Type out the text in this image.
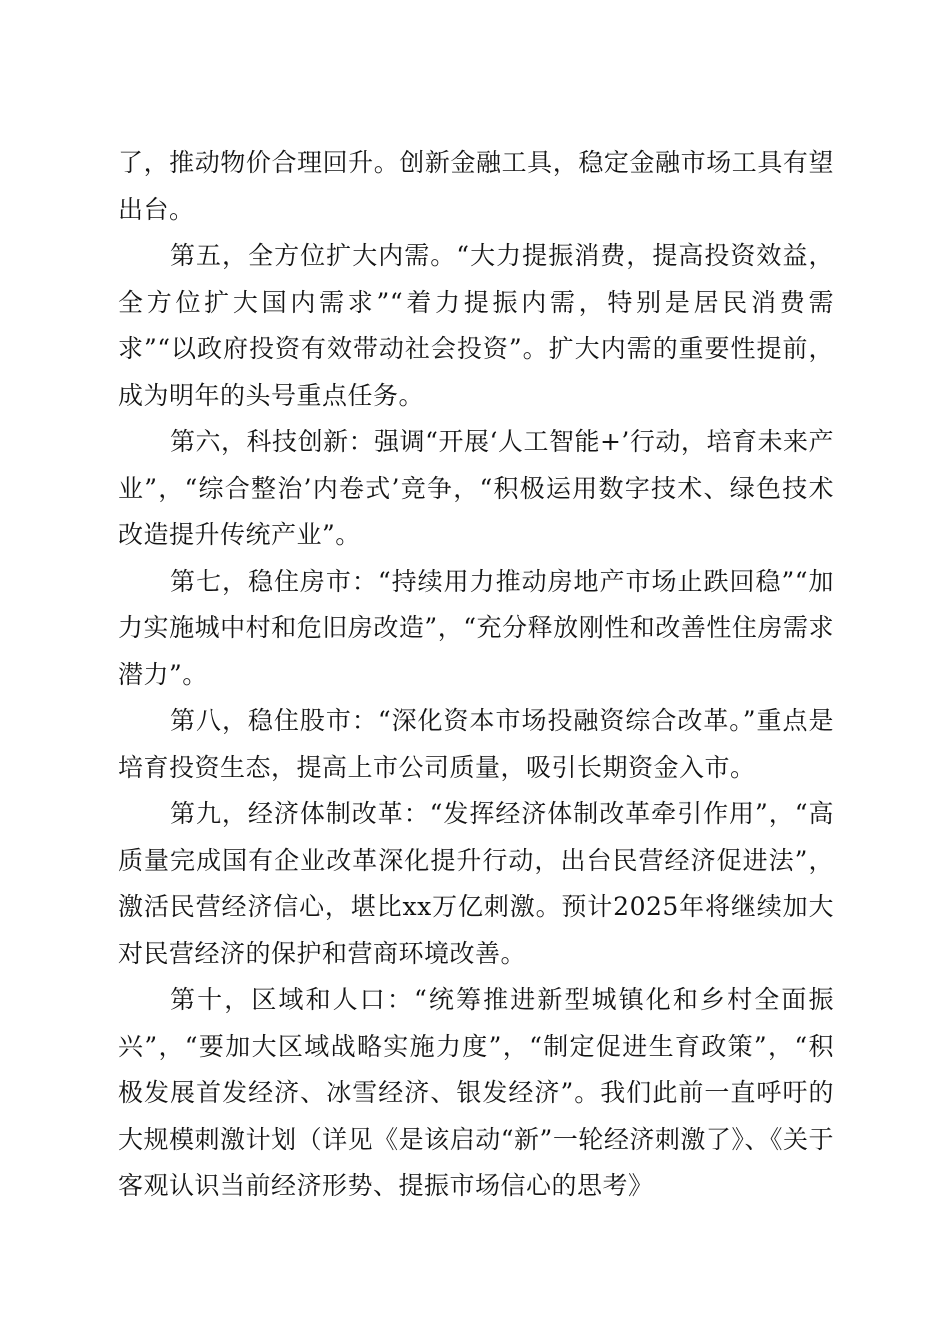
了，推动物价合理回升。创新金融工具，稳定金融市场工具有望出台。

第五，全方位扩大内需。“大力提振消费，提高投资效益，全方位扩大国内需求”“着力提振内需，特别是居民消费需求”“以政府投资有效带动社会投资”。扩大内需的重要性提前，成为明年的头号重点任务。

第六，科技创新：强调“开展‘人工智能+’行动，培育未来产业”，“综合整治’内卷式’竞争，“积极运用数字技术、绿色技术改造提升传统产业”。

第七，稳住房市：“持续用力推动房地产市场止跌回稳”“加力实施城中村和危旧房改造”，“充分释放刚性和改善性住房需求潜力”。

第八，稳住股市：“深化资本市场投融资综合改革。”重点是培育投资生态，提高上市公司质量，吸引长期资金入市。

第九，经济体制改革：“发挥经济体制改革牵引作用”，“高质量完成国有企业改革深化提升行动，出台民营经济促进法”，激活民营经济信心，堪比xx万亿刺激。预计2025年将继续加大对民营经济的保护和营商环境改善。

第十，区域和人口：“统筹推进新型城镇化和乡村全面振兴”，“要加大区域战略实施力度”，“制定促进生育政策”，“积极发展首发经济、冰雪经济、银发经济”。我们此前一直呼吁的大规模刺激计划（详见《是该启动“新”一轮经济刺激了》、《关于客观认识当前经济形势、提振市场信心的思考》
